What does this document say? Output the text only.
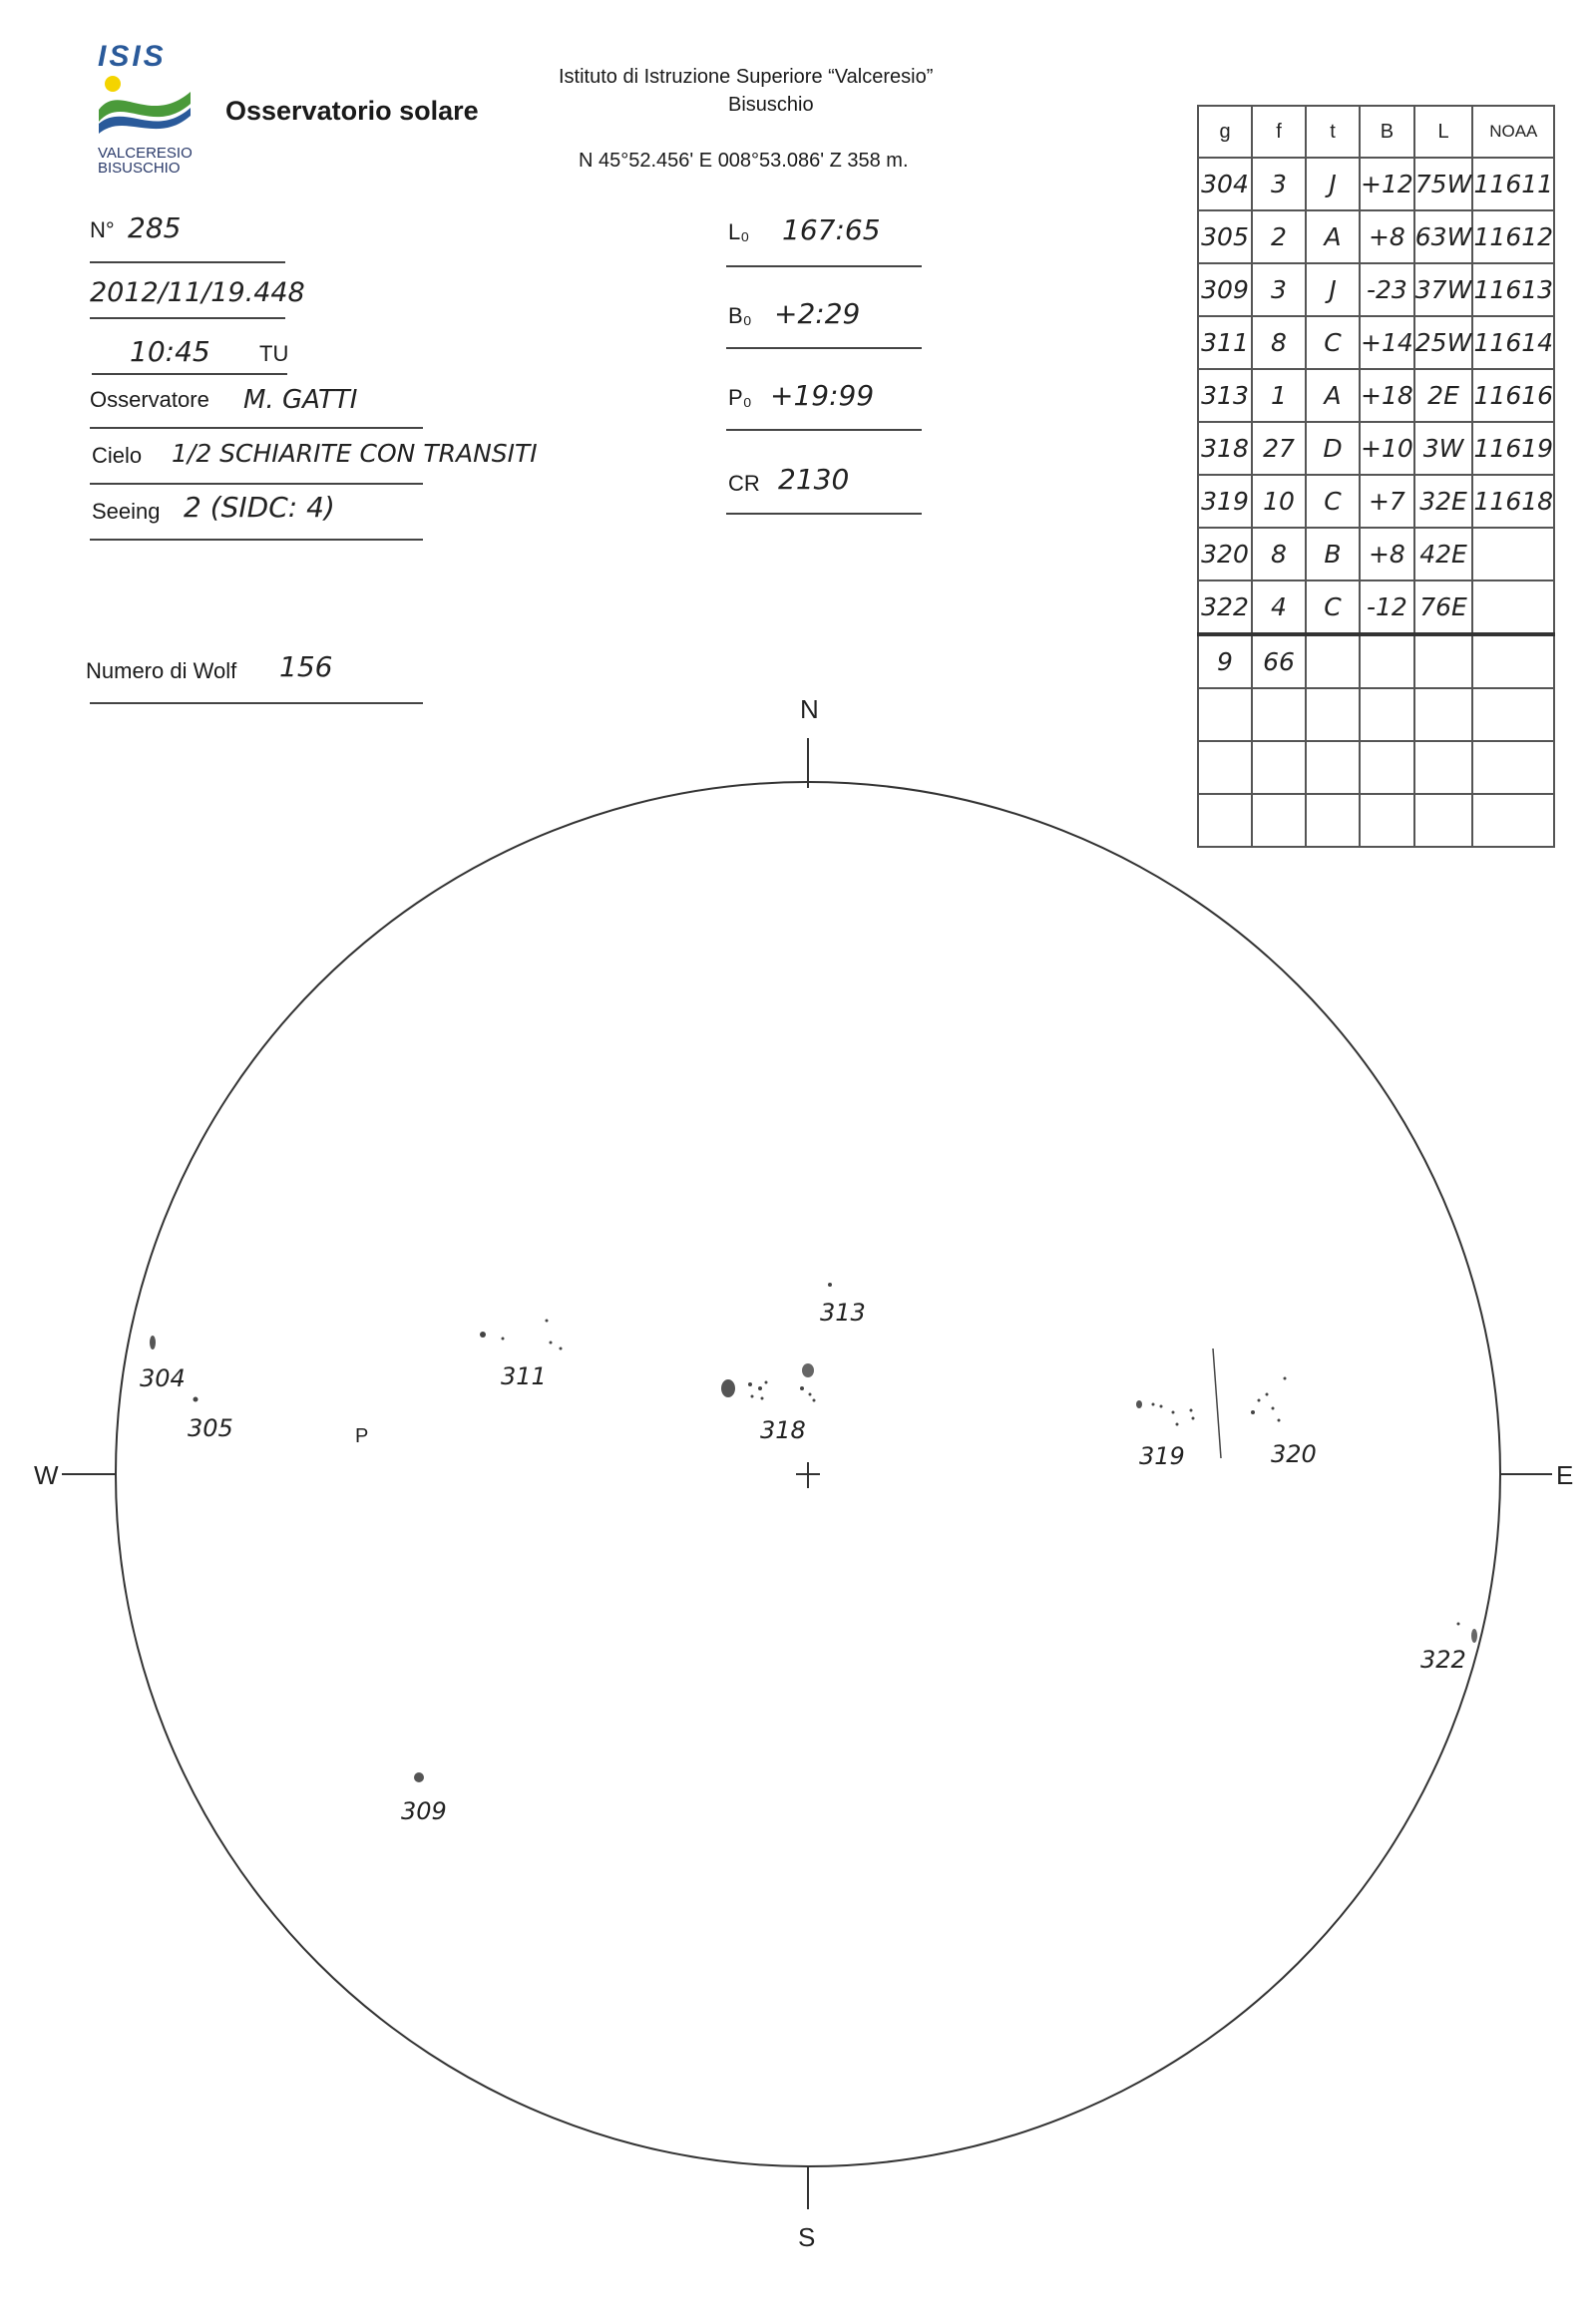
ISIS
VALCERESIO
BISUSCHIO
Osservatorio solare
Istituto di Istruzione Superiore “Valceresio”
Bisuschio
N 45°52.456' E 008°53.086' Z 358 m.
N° 285
2012/11/19.448
10:45 TU
Osservatore M. GATTI
Cielo 1/2 SCHIARITE CON TRANSITI
Seeing 2 (SIDC: 4)
Numero di Wolf 156
L₀ 167:65
B₀ +2:29
P₀ +19:99
CR 2130
g	f	t	B	L	NOAA
304	3	J	+12	75W	11611
305	2	A	+8	63W	11612
309	3	J	-23	37W	11613
311	8	C	+14	25W	11614
313	1	A	+18	2E	11616
318	27	D	+10	3W	11619
319	10	C	+7	32E	11618
320	8	B	+8	42E	
322	4	C	-12	76E	
9	66				

N
S
E
W
P
304
305
309
311
313
318
319	320
322
